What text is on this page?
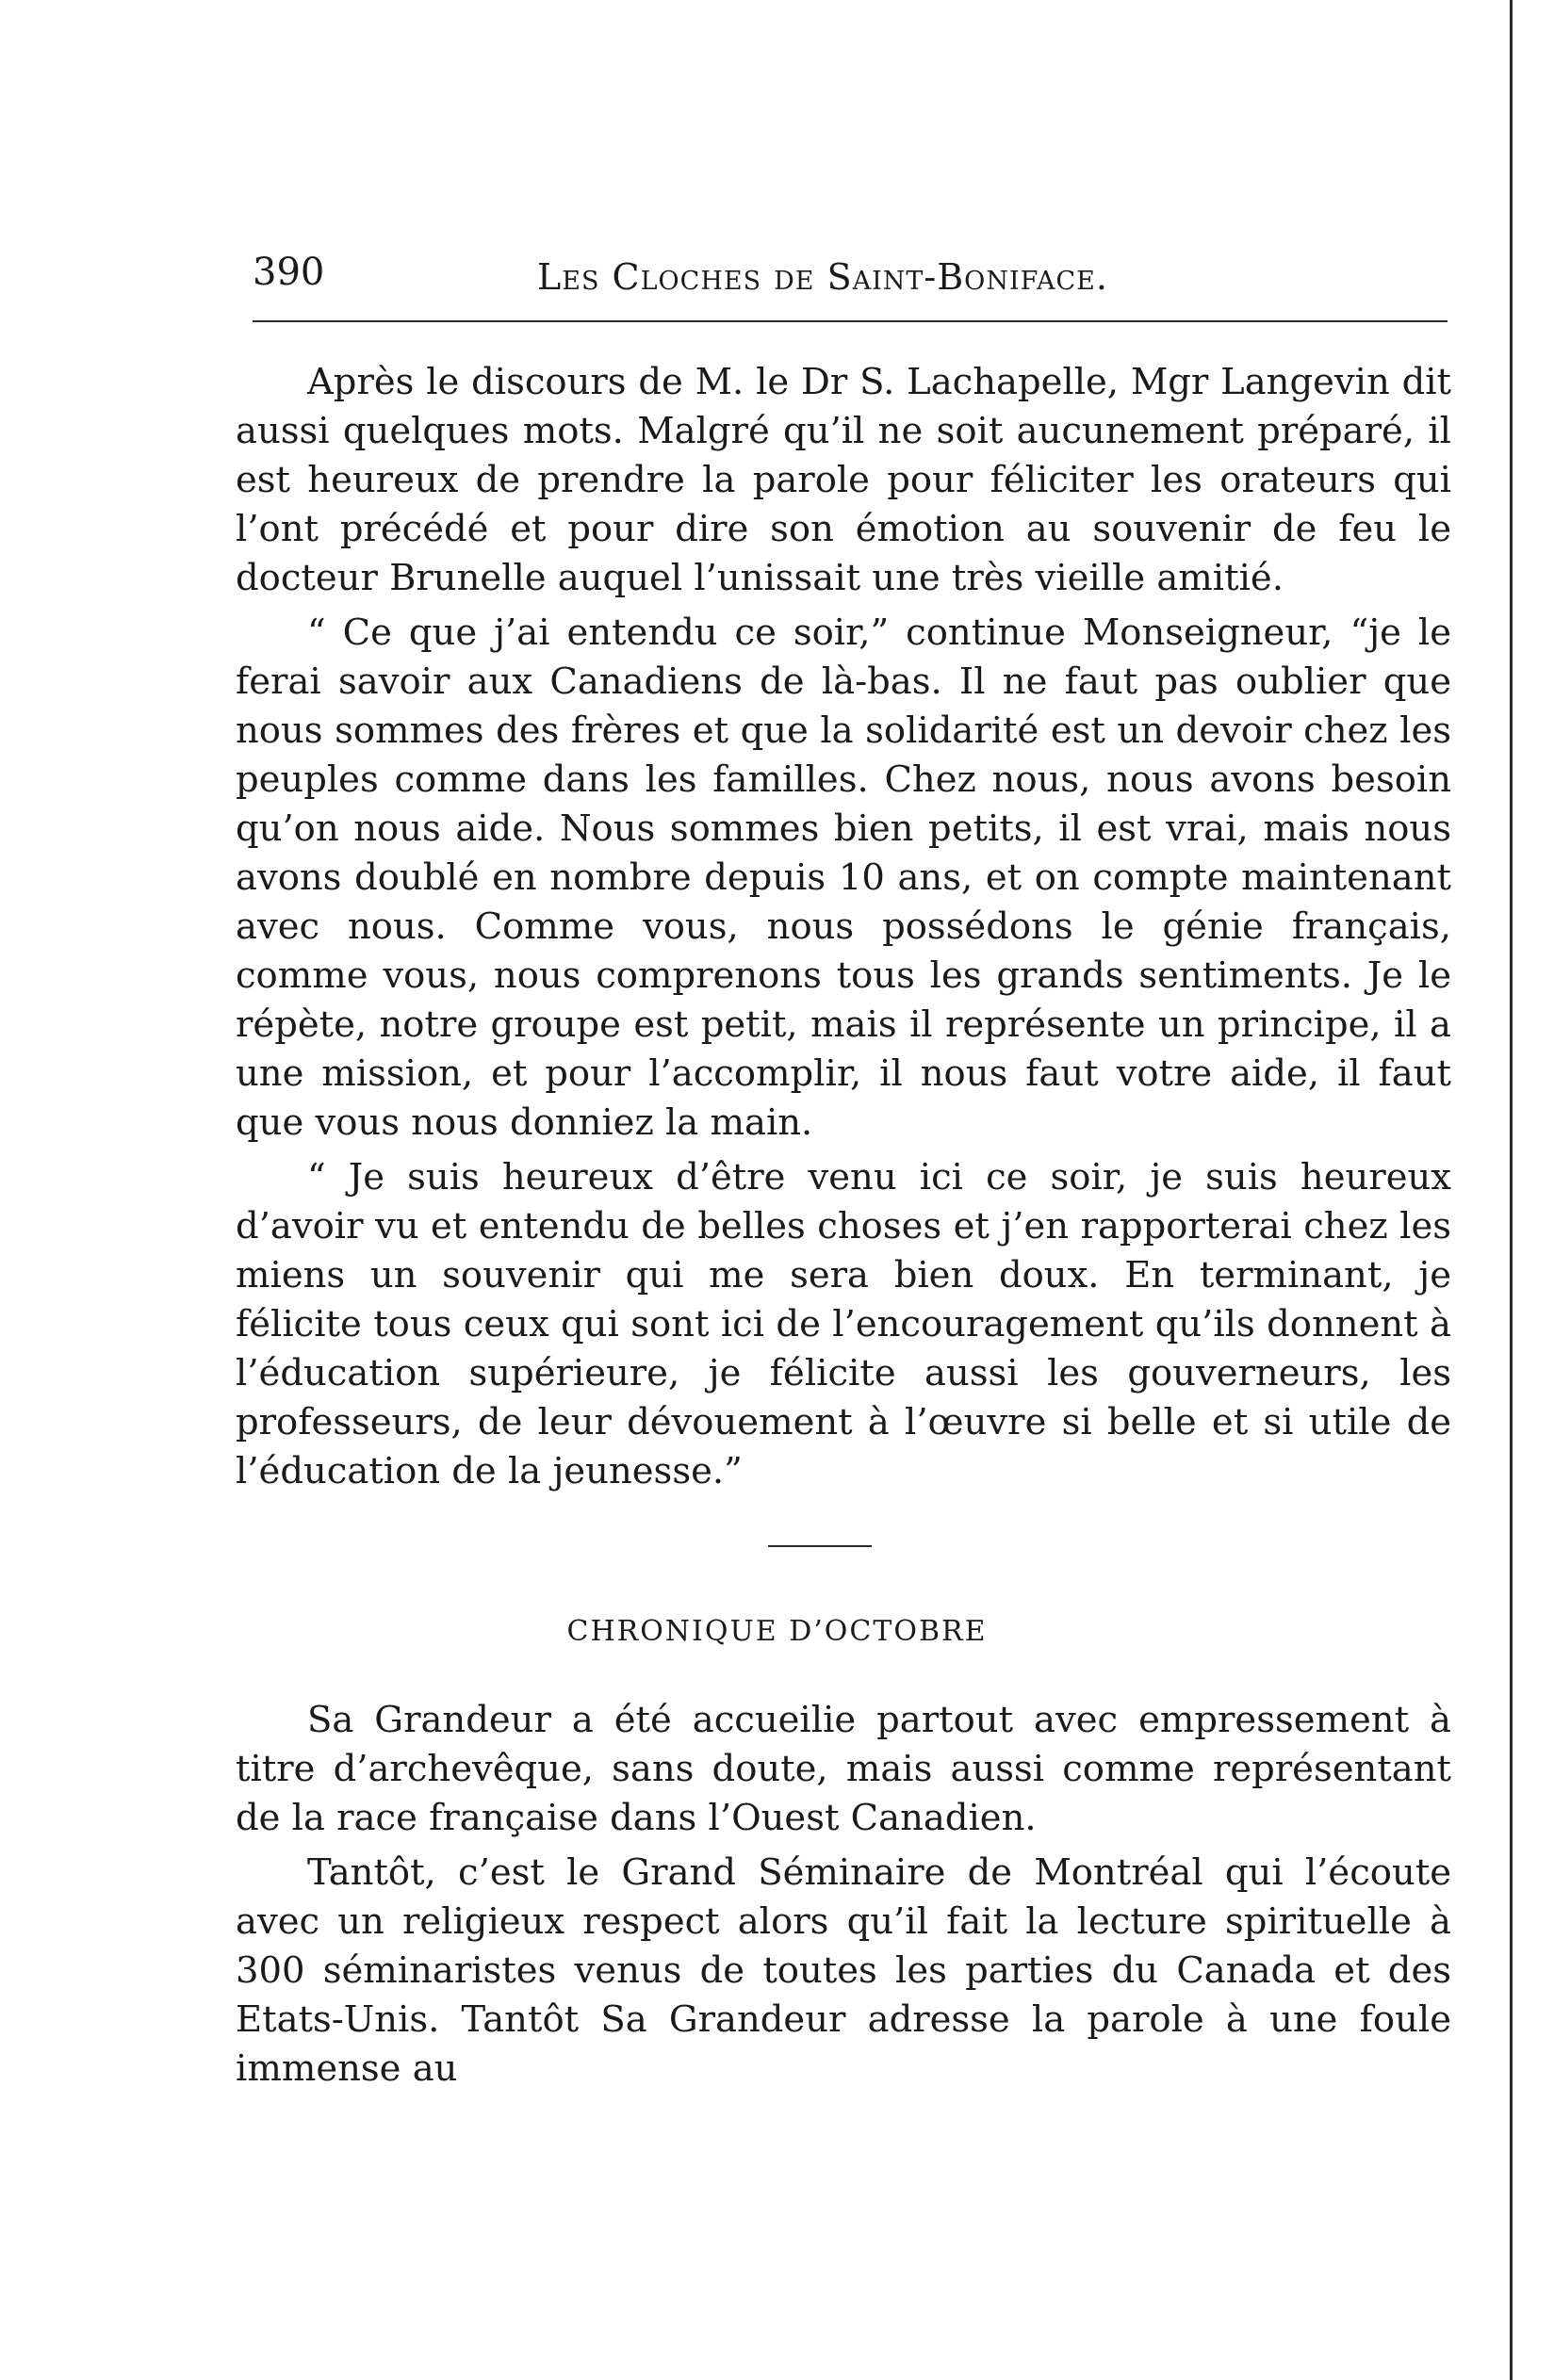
390	Les Cloches de Saint-Boniface.

Après le discours de M. le Dr S. Lachapelle, Mgr Langevin dit aussi quelques mots. Malgré qu’il ne soit aucunement préparé, il est heureux de prendre la parole pour féliciter les orateurs qui l’ont précédé et pour dire son émotion au souvenir de feu le docteur Brunelle auquel l’unissait une très vieille amitié.

“ Ce que j’ai entendu ce soir,” continue Monseigneur, “je le ferai savoir aux Canadiens de là-bas. Il ne faut pas oublier que nous sommes des frères et que la solidarité est un devoir chez les peuples comme dans les familles. Chez nous, nous avons besoin qu’on nous aide. Nous sommes bien petits, il est vrai, mais nous avons doublé en nombre depuis 10 ans, et on compte maintenant avec nous. Comme vous, nous possédons le génie français, comme vous, nous comprenons tous les grands sentiments. Je le répète, notre groupe est petit, mais il représente un principe, il a une mission, et pour l’accomplir, il nous faut votre aide, il faut que vous nous donniez la main.

“ Je suis heureux d’être venu ici ce soir, je suis heureux d’avoir vu et entendu de belles choses et j’en rapporterai chez les miens un souvenir qui me sera bien doux. En terminant, je félicite tous ceux qui sont ici de l’encouragement qu’ils donnent à l’éducation supérieure, je félicite aussi les gouverneurs, les professeurs, de leur dévouement à l’œuvre si belle et si utile de l’éducation de la jeunesse.”

CHRONIQUE D’OCTOBRE

Sa Grandeur a été accueilie partout avec empressement à titre d’archevêque, sans doute, mais aussi comme représentant de la race française dans l’Ouest Canadien.

Tantôt, c’est le Grand Séminaire de Montréal qui l’écoute avec un religieux respect alors qu’il fait la lecture spirituelle à 300 séminaristes venus de toutes les parties du Canada et des Etats-Unis. Tantôt Sa Grandeur adresse la parole à une foule immense au
